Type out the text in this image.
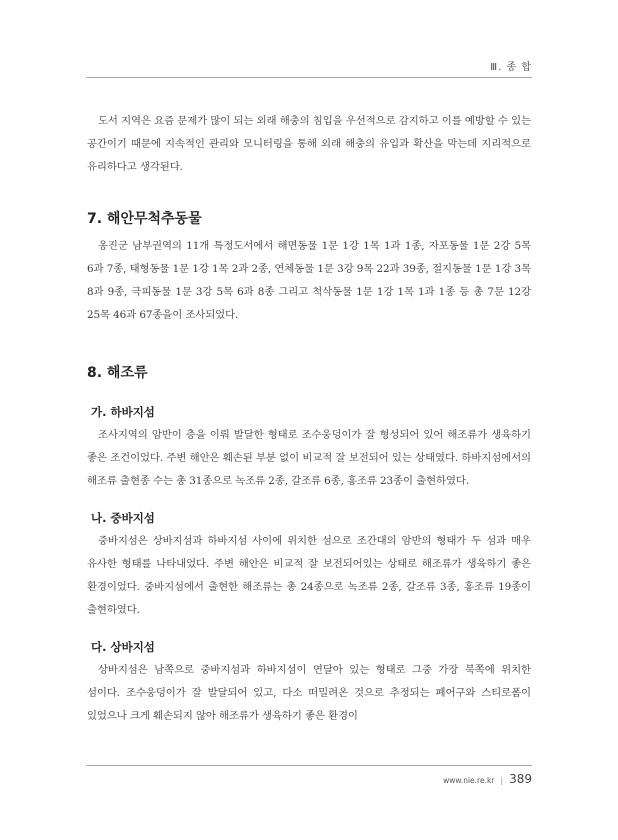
Ⅲ. 종 합

도서 지역은 요즘 문제가 많이 되는 외래 해충의 침입을 우선적으로 감지하고 이를 예방할 수 있는 공간이기 때문에 지속적인 관리와 모니터링을 통해 외래 해충의 유입과 확산을 막는데 지리적으로 유리하다고 생각된다.

7. 해안무척추동물

옹진군 남부권역의 11개 특정도서에서 해면동물 1문 1강 1목 1과 1종, 자포동물 1문 2강 5목 6과 7종, 태형동물 1문 1강 1목 2과 2종, 연체동물 1문 3강 9목 22과 39종, 절지동물 1문 1강 3목 8과 9종, 극피동물 1문 3강 5목 6과 8종 그리고 척삭동물 1문 1강 1목 1과 1종 등 총 7문 12강 25목 46과 67종을이 조사되었다.

8. 해조류
가. 하바지섬

조사지역의 암반이 층을 이뤄 발달한 형태로 조수웅덩이가 잘 형성되어 있어 해조류가 생육하기 좋은 조건이었다. 주변 해안은 훼손된 부분 없이 비교적 잘 보전되어 있는 상태였다. 하바지섬에서의 해조류 출현종 수는 총 31종으로 녹조류 2종, 갈조류 6종, 홍조류 23종이 출현하였다.

나. 중바지섬

중바지섬은 상바지섬과 하바지섬 사이에 위치한 섬으로 조간대의 암반의 형태가 두 섬과 매우 유사한 형태를 나타내었다. 주변 해안은 비교적 잘 보전되어있는 상태로 해조류가 생육하기 좋은 환경이었다. 중바지섬에서 출현한 해조류는 총 24종으로 녹조류 2종, 갈조류 3종, 홍조류 19종이 출현하였다.

다. 상바지섬

상바지섬은 남쪽으로 중바지섬과 하바지섬이 연달아 있는 형태로 그중 가장 북쪽에 위치한 섬이다. 조수웅덩이가 잘 발달되어 있고, 다소 떠밀려온 것으로 추정되는 폐어구와 스티로폼이 있었으나 크게 훼손되지 않아 해조류가 생육하기 좋은 환경이

www.nie.re.kr | 389
